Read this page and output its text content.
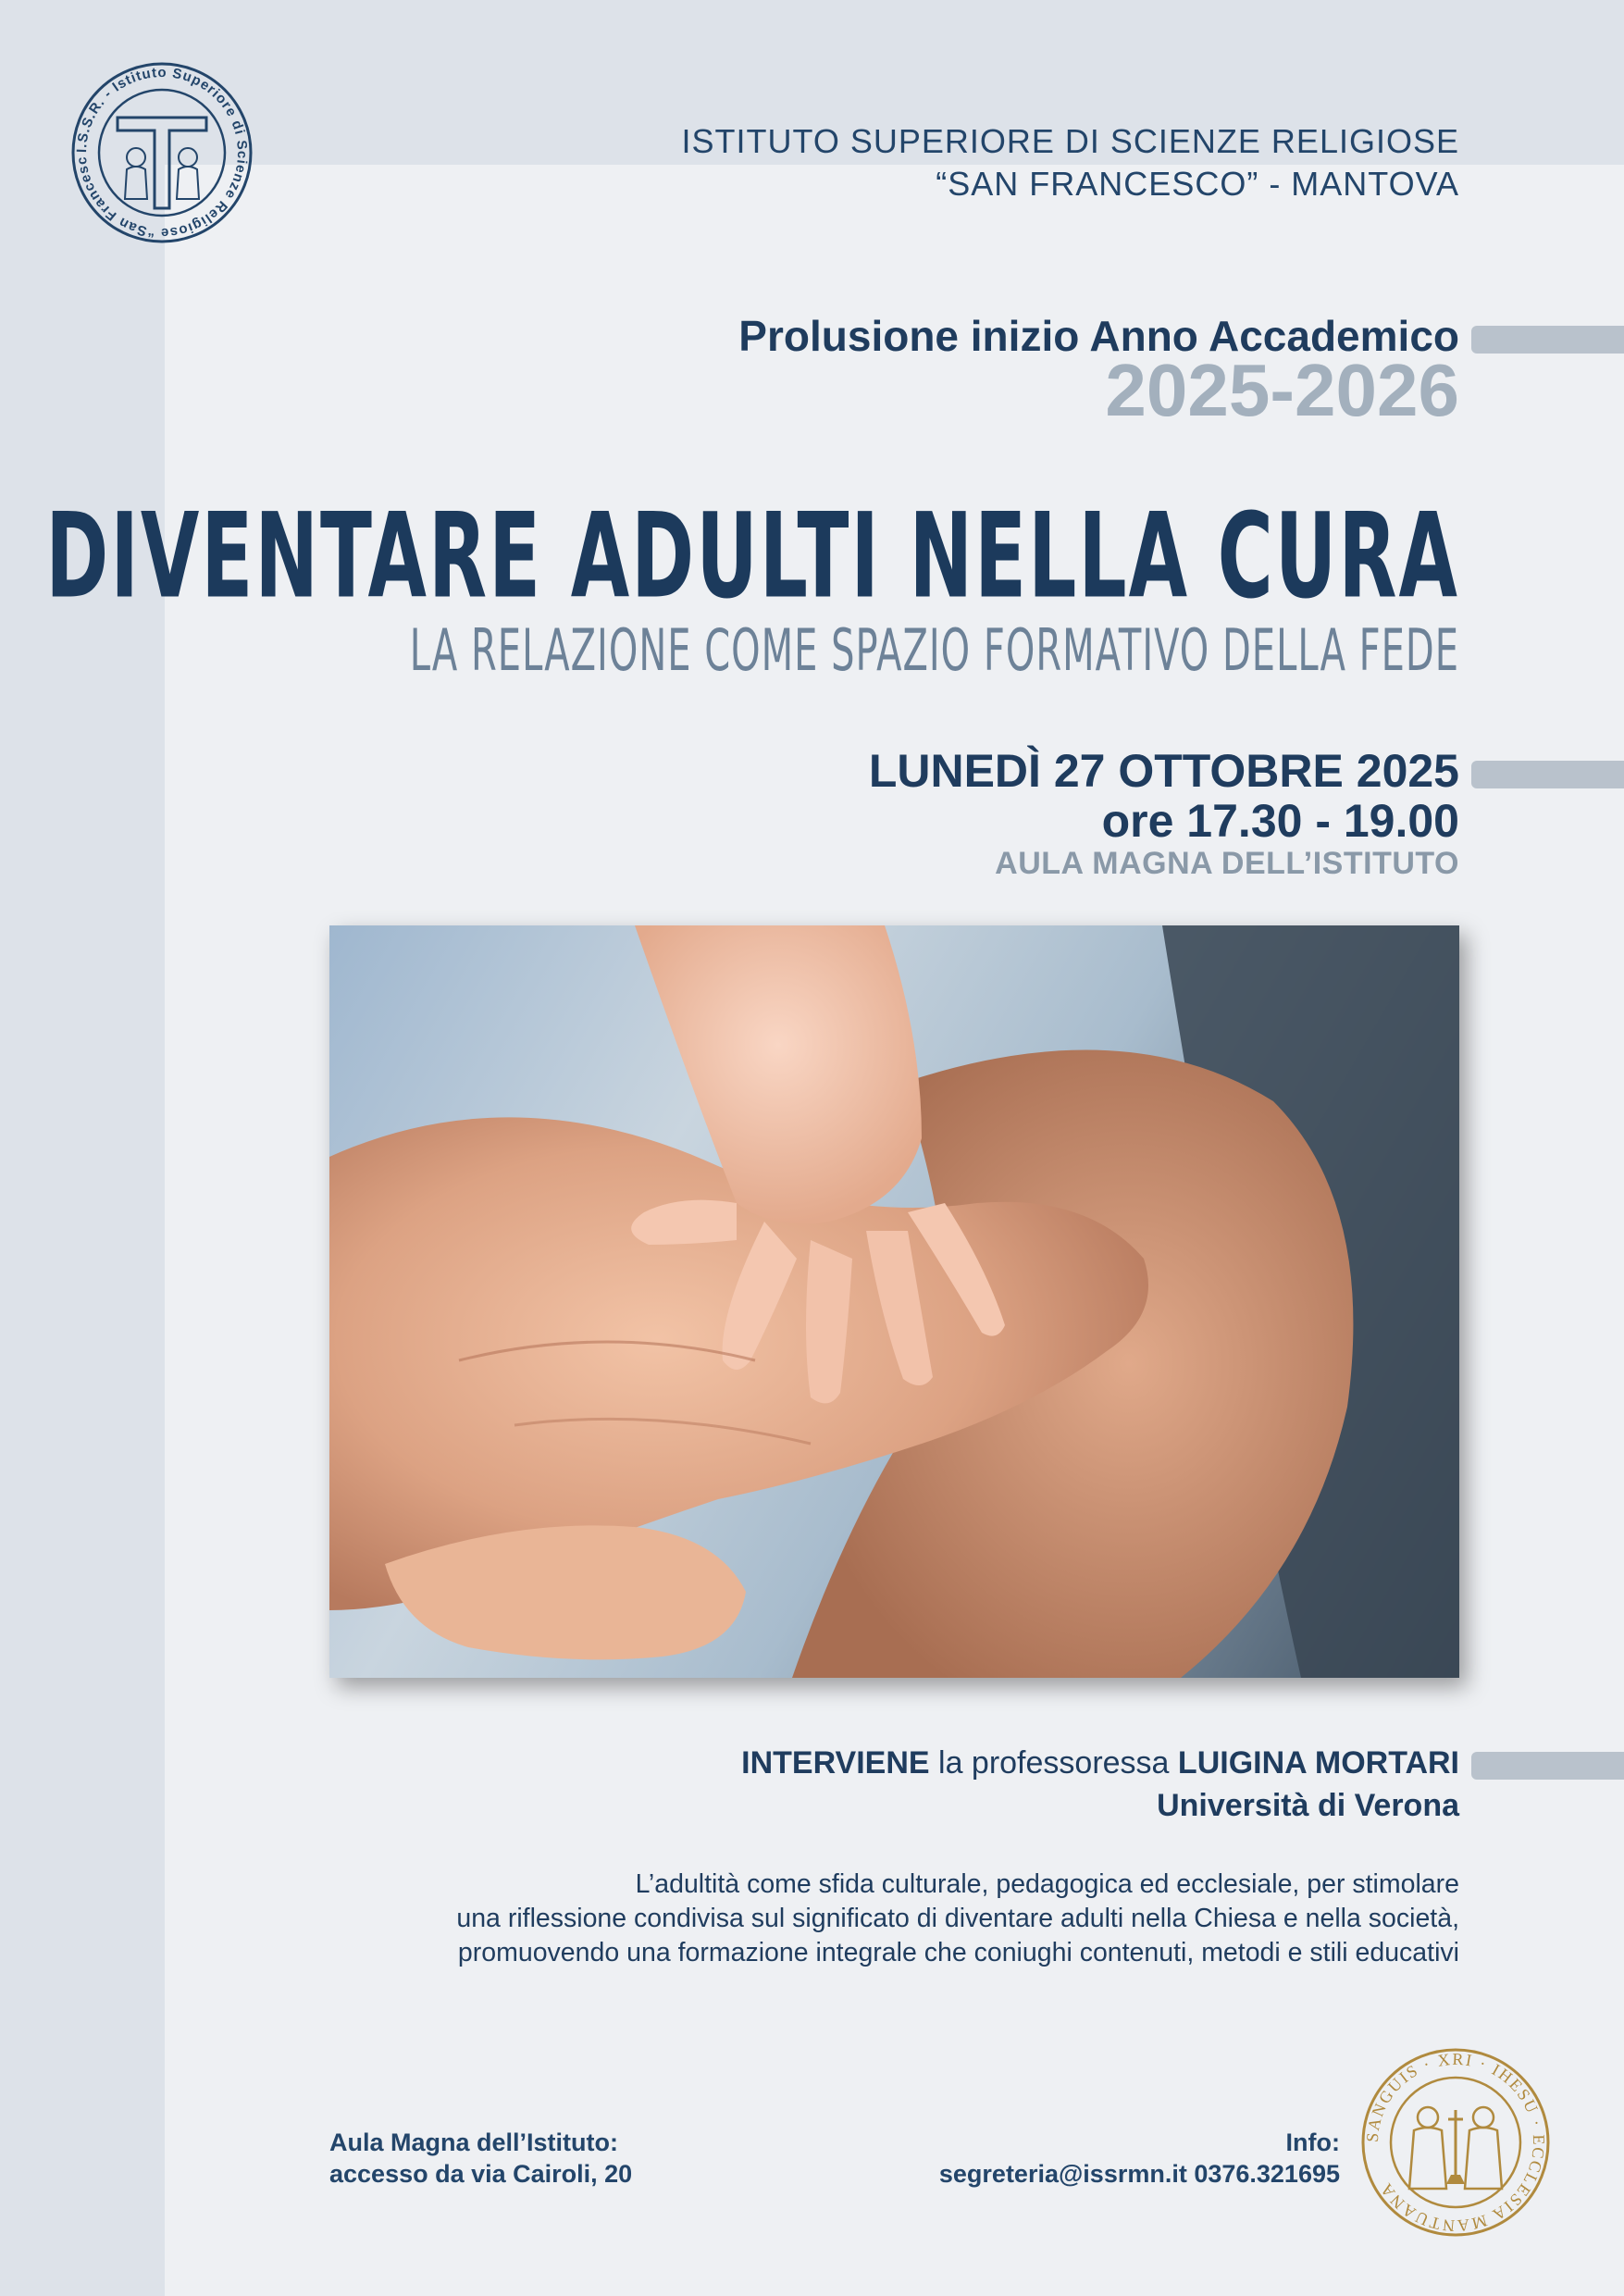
I.S.S.R. - Istituto Superiore di Scienze Religiose “San Francesc
ISTITUTO SUPERIORE DI SCIENZE RELIGIOSE
“SAN FRANCESCO” - MANTOVA
Prolusione inizio Anno Accademico
2025-2026
DIVENTARE ADULTI NELLA CURA
LA RELAZIONE COME SPAZIO FORMATIVO DELLA FEDE
LUNEDÌ 27 OTTOBRE 2025
ore 17.30 - 19.00
AULA MAGNA DELL’ISTITUTO
INTERVIENE la professoressa LUIGINA MORTARI
Università di Verona
L’adultità come sfida culturale, pedagogica ed ecclesiale, per stimolare
una riflessione condivisa sul significato di diventare adulti nella Chiesa e nella società,
promuovendo una formazione integrale che coniughi contenuti, metodi e stili educativi
Aula Magna dell’Istituto:
accesso da via Cairoli, 20
Info:
segreteria@issrmn.it 0376.321695
SANGUIS · XRI · IHESU · ECCLESIA MANTUANA
